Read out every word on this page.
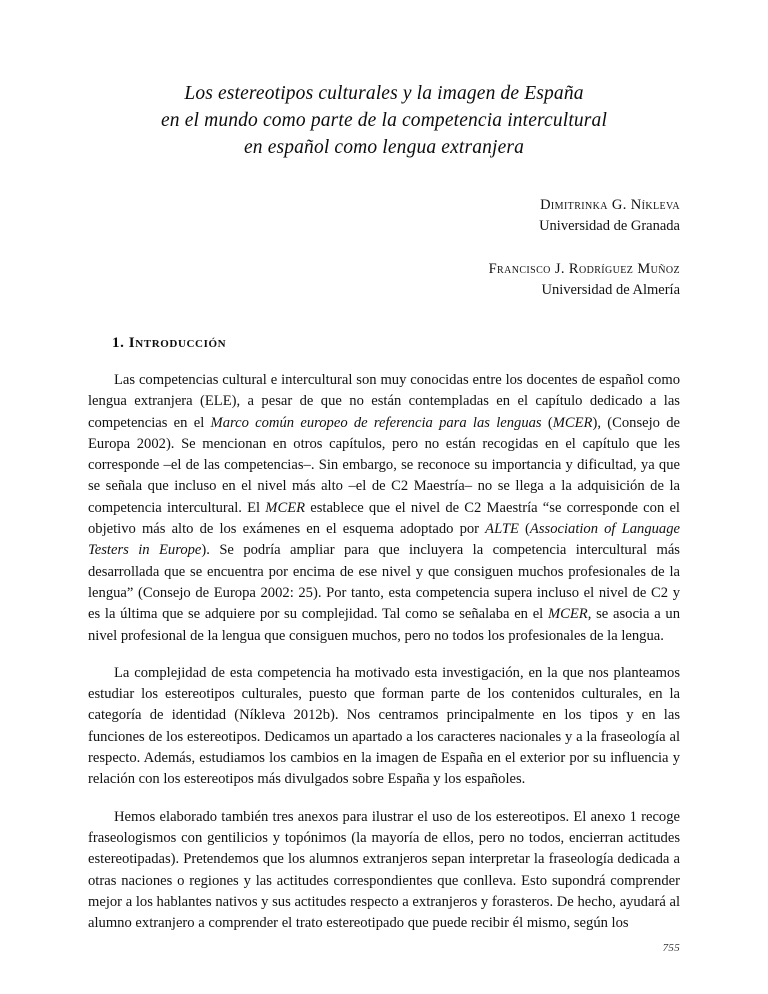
Los estereotipos culturales y la imagen de España
en el mundo como parte de la competencia intercultural
en español como lengua extranjera
Dimitrinka G. Níkleva
Universidad de Granada
Francisco J. Rodríguez Muñoz
Universidad de Almería
1. Introducción

Las competencias cultural e intercultural son muy conocidas entre los docentes de español como lengua extranjera (ELE), a pesar de que no están contempladas en el capítulo dedicado a las competencias en el Marco común europeo de referencia para las lenguas (MCER), (Consejo de Europa 2002). Se mencionan en otros capítulos, pero no están recogidas en el capítulo que les corresponde –el de las competencias–. Sin embargo, se reconoce su importancia y dificultad, ya que se señala que incluso en el nivel más alto –el de C2 Maestría– no se llega a la adquisición de la competencia intercultural. El MCER establece que el nivel de C2 Maestría “se corresponde con el objetivo más alto de los exámenes en el esquema adoptado por ALTE (Association of Language Testers in Europe). Se podría ampliar para que incluyera la competencia intercultural más desarrollada que se encuentra por encima de ese nivel y que consiguen muchos profesionales de la lengua” (Consejo de Europa 2002: 25). Por tanto, esta competencia supera incluso el nivel de C2 y es la última que se adquiere por su complejidad. Tal como se señalaba en el MCER, se asocia a un nivel profesional de la lengua que consiguen muchos, pero no todos los profesionales de la lengua.

La complejidad de esta competencia ha motivado esta investigación, en la que nos planteamos estudiar los estereotipos culturales, puesto que forman parte de los contenidos culturales, en la categoría de identidad (Níkleva 2012b). Nos centramos principalmente en los tipos y en las funciones de los estereotipos. Dedicamos un apartado a los caracteres nacionales y a la fraseología al respecto. Además, estudiamos los cambios en la imagen de España en el exterior por su influencia y relación con los estereotipos más divulgados sobre España y los españoles.

Hemos elaborado también tres anexos para ilustrar el uso de los estereotipos. El anexo 1 recoge fraseologismos con gentilicios y topónimos (la mayoría de ellos, pero no todos, encierran actitudes estereotipadas). Pretendemos que los alumnos extranjeros sepan interpretar la fraseología dedicada a otras naciones o regiones y las actitudes correspondientes que conlleva. Esto supondrá comprender mejor a los hablantes nativos y sus actitudes respecto a extranjeros y forasteros. De hecho, ayudará al alumno extranjero a comprender el trato estereotipado que puede recibir él mismo, según los

755
